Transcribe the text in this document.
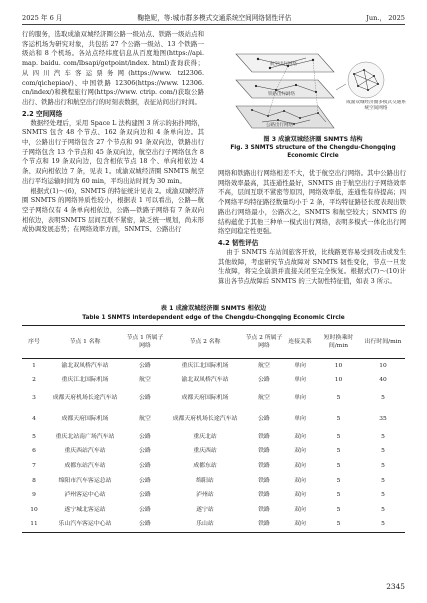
2025 年 6 月	鞠艳妮，等:城市群多模式交通系统空间网络韧性评估	Jun.， 2025

行的服务，选取成渝双城经济圈公路一级站点、铁路一级站点和客运机场为研究对象，共包括 27 个公路一级站、13 个铁路一级站和 8 个机场。各站点经纬度信息从百度地图(https://api. map. baidu. com/lbsapi/getpoint/index. html)查询获得；从四川汽车客运票务网(https://www. tzl2306. com/qichepiao/)、中国铁路 12306(https://www. 12306. cn/index/)和携程旅行网(https://www. ctrip. com/)获取公路出行、铁路出行和航空出行的时刻表数据，表征站间出行时间。

2.2 空间网络

数据经处理后，采用 Space L 法构建图 3 所示的拓扑网络，SNMTS 包含 48 个节点、162 条双向边和 4 条单向边。其中，公路出行子网络包含 27 个节点和 91 条双向边，铁路出行子网络包含 13 个节点和 45 条双向边，航空出行子网络包含 8 个节点和 19 条双向边，包含相依节点 18 个、单向相依边 4 条、双向相依边 7 条，见表 1。成渝双城经济圈 SNMTS 航空出行平均运输时间为 60 min，平均出站时间为 30 min。

根据式(1)～(6)，SNMTS 的特征统计见表 2。成渝双城经济圈 SNMTS 的网络异质性较小，根据表 1 可以看出，公路—航空子网络仅有 4 条单向相依边，公路—铁路子网络有 7 条双向相依边，表明SNMTS 层间互联不紧密，缺乏统一规划，尚未形成协调发展态势；在网络效率方面，SNMTS、公路出行

航空出行网络
铁路出行网络
公路出行网络
成渝双城经济圈多模式交通系统空间网络
图 3 成渝双城经济圈 SNMTS 结构
Fig. 3 SNMTS structure of the Chengdu-Chongqing Economic Circle

网络和铁路出行网络相差不大，优于航空出行网络。其中公路出行网络效率最高，其连通性最好，SNMTS 由于航空出行子网络效率不高，层间互联不紧密等原因，网络效率低，连通性有待提高；四个网络平均特征路径数量均小于 2 条，平均特征路径长度表现出铁路出行网络最小，公路次之，SNMTS 和航空较大；SNMTS 的结构蕴优于其他三种单一模式出行网络，表明多模式一体化出行网络空间稳定性更强。

4.2 韧性评估

由于 SNMTS 车站间旅客开放，比线路更容易受到攻击或发生其他故障，考虑研究节点故障对 SNMTS 韧性变化，节点一旦发生故障，将完全崩溃并直接关闭至完全恢复。根据式(7)～(10)计算出各节点故障后 SNMTS 的三大韧性特征值，如表 3 所示。

表 1 成渝双城经济圈 SNMTS 相依边
Table 1 SNMTS interdependent edge of the Chengdu-Chongqing Economic Circle
序号	节点 1 名称	节点 1 所属子网络	节点 2 名称	节点 2 所属子网络	连接关系	短时换乘时间/min	出行时间/min
1	渝北双凤桥汽车站	公路	重庆江北国际机场	航空	单向	10	10
2	重庆江北国际机场	航空	渝北双凤桥汽车站	公路	单向	10	40
3	成都天府机场长途汽车站	公路	成都天府国际机场	航空	单向	5	5
4	成都天府国际机场	航空	成都天府机场长途汽车站	公路	单向	5	35
5	重庆北站南广场汽车站	公路	重庆北站	铁路	双向	5	5
6	重庆西站汽车站	公路	重庆西站	铁路	双向	5	5
7	成都东站汽车站	公路	成都东站	铁路	双向	5	5
8	绵阳市汽车客运总站	公路	绵阳站	铁路	双向	5	5
9	泸州客运中心站	公路	泸州站	铁路	双向	5	5
10	遂宁城北客运站	公路	遂宁站	铁路	双向	5	5
11	乐山汽车客运中心站	公路	乐山站	铁路	双向	5	5
2345
